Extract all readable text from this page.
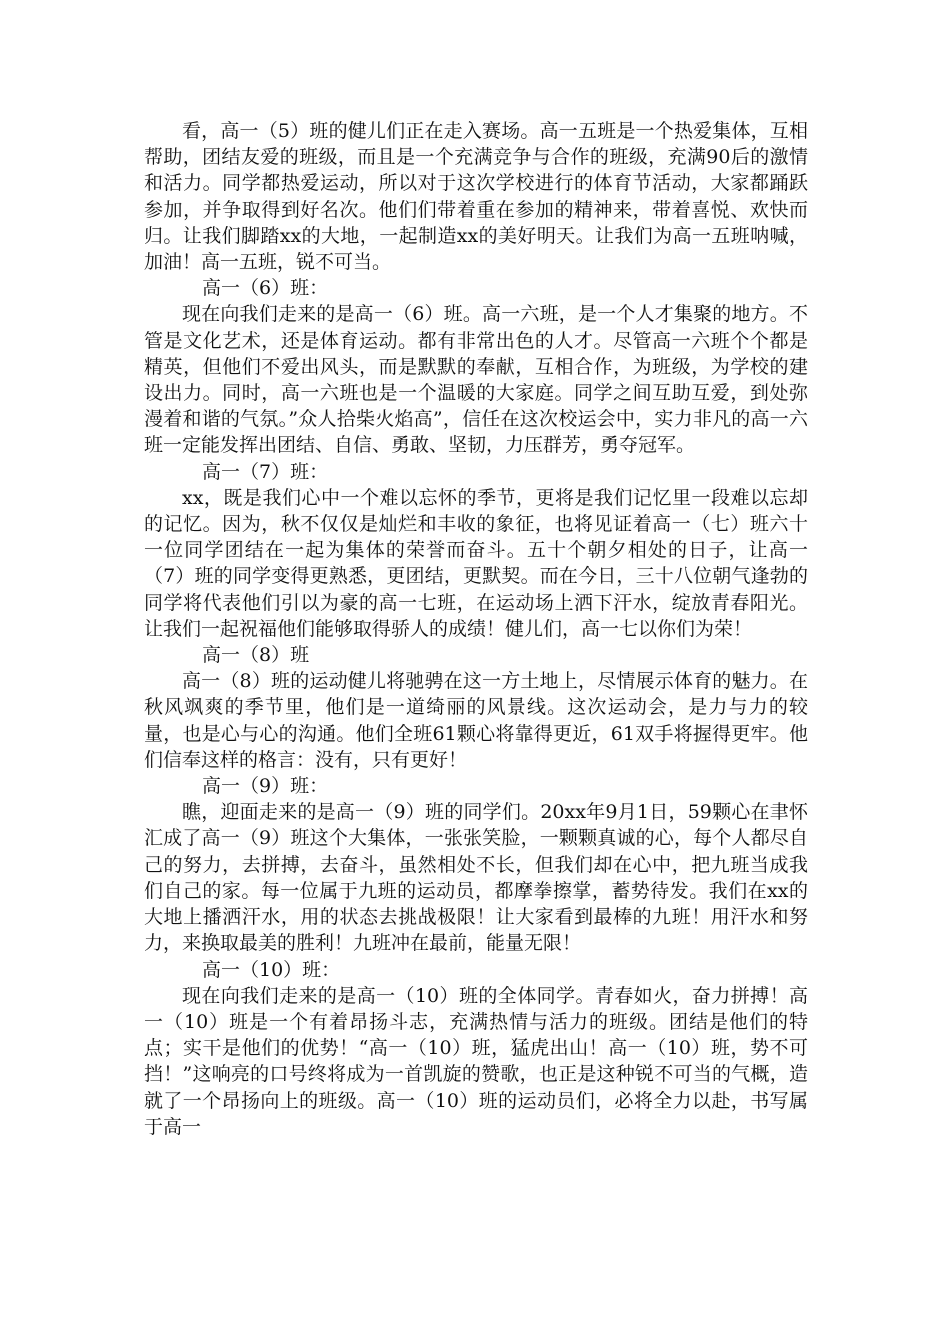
看，高一（5）班的健儿们正在走入赛场。高一五班是一个热爱集体，互相帮助，团结友爱的班级，而且是一个充满竞争与合作的班级，充满90后的激情和活力。同学都热爱运动，所以对于这次学校进行的体育节活动，大家都踊跃参加，并争取得到好名次。他们们带着重在参加的精神来，带着喜悦、欢快而归。让我们脚踏xx的大地，一起制造xx的美好明天。让我们为高一五班呐喊，加油！高一五班，锐不可当。

高一（6）班：

现在向我们走来的是高一（6）班。高一六班，是一个人才集聚的地方。不管是文化艺术，还是体育运动。都有非常出色的人才。尽管高一六班个个都是精英，但他们不爱出风头，而是默默的奉献，互相合作，为班级，为学校的建设出力。同时，高一六班也是一个温暖的大家庭。同学之间互助互爱，到处弥漫着和谐的气氛。”众人拾柴火焰高”，信任在这次校运会中，实力非凡的高一六班一定能发挥出团结、自信、勇敢、坚韧，力压群芳，勇夺冠军。

高一（7）班：

xx，既是我们心中一个难以忘怀的季节，更将是我们记忆里一段难以忘却的记忆。因为，秋不仅仅是灿烂和丰收的象征，也将见证着高一（七）班六十一位同学团结在一起为集体的荣誉而奋斗。五十个朝夕相处的日子，让高一（7）班的同学变得更熟悉，更团结，更默契。而在今日，三十八位朝气逢勃的同学将代表他们引以为豪的高一七班，在运动场上洒下汗水，绽放青春阳光。让我们一起祝福他们能够取得骄人的成绩！健儿们，高一七以你们为荣！

高一（8）班

高一（8）班的运动健儿将驰骋在这一方土地上，尽情展示体育的魅力。在秋风飒爽的季节里，他们是一道绮丽的风景线。这次运动会，是力与力的较量，也是心与心的沟通。他们全班61颗心将靠得更近，61双手将握得更牢。他们信奉这样的格言：没有，只有更好！

高一（9）班：

瞧，迎面走来的是高一（9）班的同学们。20xx年9月1日，59颗心在聿怀汇成了高一（9）班这个大集体，一张张笑脸，一颗颗真诚的心，每个人都尽自己的努力，去拼搏，去奋斗，虽然相处不长，但我们却在心中，把九班当成我们自己的家。每一位属于九班的运动员，都摩拳擦掌，蓄势待发。我们在xx的大地上播洒汗水，用的状态去挑战极限！让大家看到最棒的九班！用汗水和努力，来换取最美的胜利！九班冲在最前，能量无限！

高一（10）班：

现在向我们走来的是高一（10）班的全体同学。青春如火，奋力拼搏！高一（10）班是一个有着昂扬斗志，充满热情与活力的班级。团结是他们的特点；实干是他们的优势！“高一（10）班，猛虎出山！高一（10）班，势不可挡！”这响亮的口号终将成为一首凯旋的赞歌，也正是这种锐不可当的气概，造就了一个昂扬向上的班级。高一（10）班的运动员们，必将全力以赴，书写属于高一
